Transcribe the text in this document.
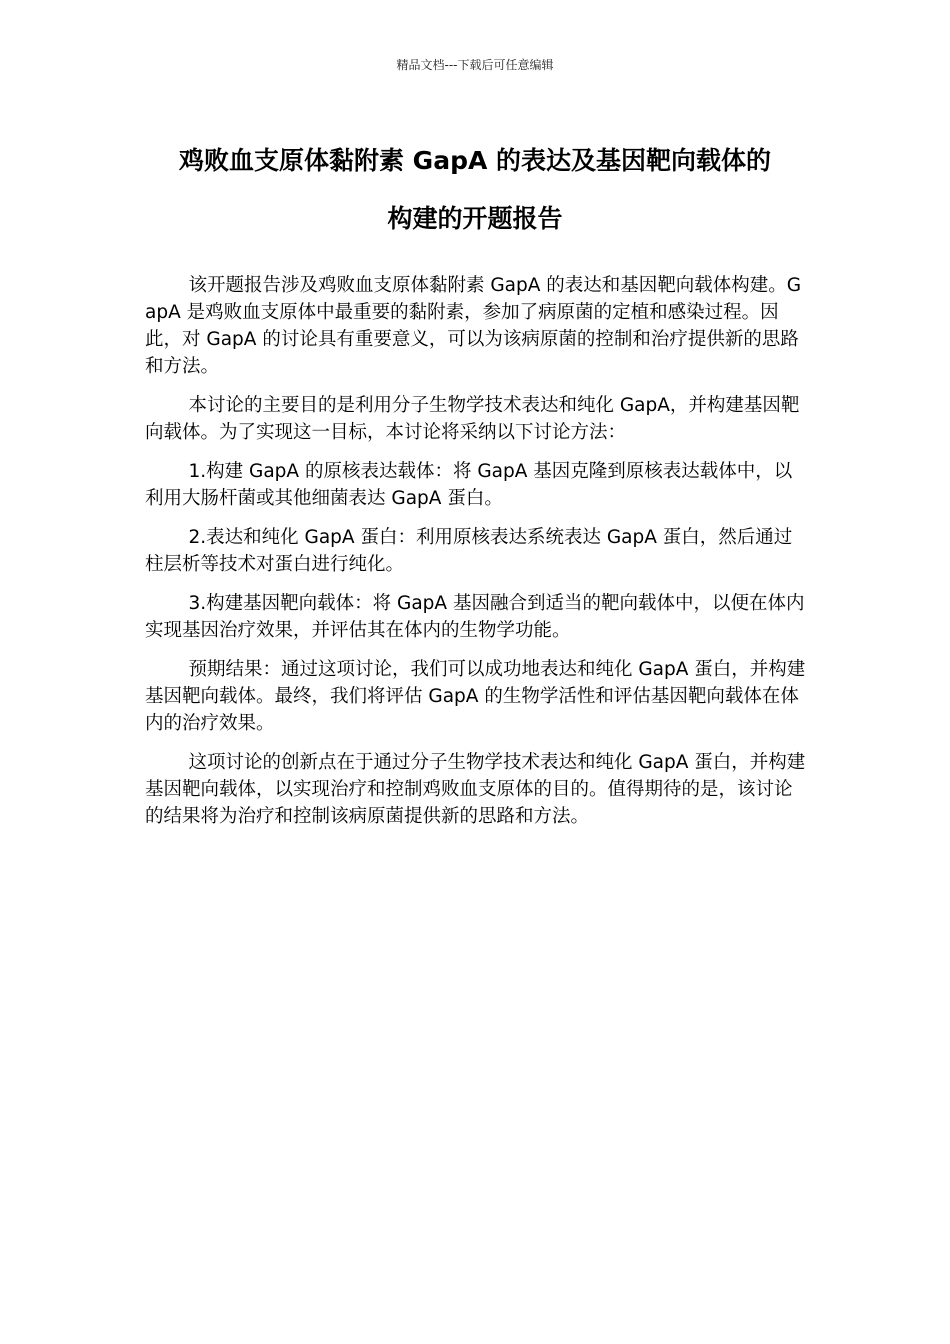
精品文档---下载后可任意编辑
鸡败血支原体黏附素 GapA 的表达及基因靶向载体的
构建的开题报告

该开题报告涉及鸡败血支原体黏附素 GapA 的表达和基因靶向载体构建。GapA 是鸡败血支原体中最重要的黏附素，参加了病原菌的定植和感染过程。因此，对 GapA 的讨论具有重要意义，可以为该病原菌的控制和治疗提供新的思路和方法。

本讨论的主要目的是利用分子生物学技术表达和纯化 GapA，并构建基因靶向载体。为了实现这一目标，本讨论将采纳以下讨论方法：

1.构建 GapA 的原核表达载体：将 GapA 基因克隆到原核表达载体中，以利用大肠杆菌或其他细菌表达 GapA 蛋白。

2.表达和纯化 GapA 蛋白：利用原核表达系统表达 GapA 蛋白，然后通过柱层析等技术对蛋白进行纯化。

3.构建基因靶向载体：将 GapA 基因融合到适当的靶向载体中，以便在体内实现基因治疗效果，并评估其在体内的生物学功能。

预期结果：通过这项讨论，我们可以成功地表达和纯化 GapA 蛋白，并构建基因靶向载体。最终，我们将评估 GapA 的生物学活性和评估基因靶向载体在体内的治疗效果。

这项讨论的创新点在于通过分子生物学技术表达和纯化 GapA 蛋白，并构建基因靶向载体，以实现治疗和控制鸡败血支原体的目的。值得期待的是，该讨论的结果将为治疗和控制该病原菌提供新的思路和方法。
